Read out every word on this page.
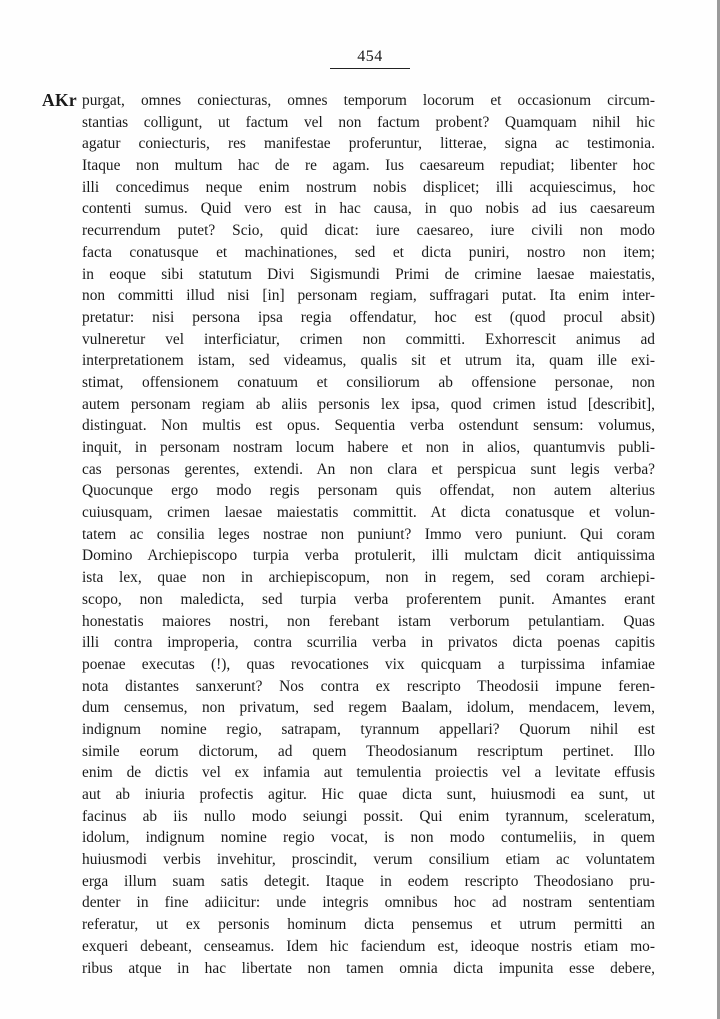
454
AKr purgat, omnes coniecturas, omnes temporum locorum et occasionum circum-
stantias colligunt, ut factum vel non factum probent? Quamquam nihil hic
agatur coniecturis, res manifestae proferuntur, litterae, signa ac testimonia.
Itaque non multum hac de re agam. Ius caesareum repudiat; libenter hoc
illi concedimus neque enim nostrum nobis displicet; illi acquiescimus, hoc
contenti sumus. Quid vero est in hac causa, in quo nobis ad ius caesareum
recurrendum putet? Scio, quid dicat: iure caesareo, iure civili non modo
facta conatusque et machinationes, sed et dicta puniri, nostro non item;
in eoque sibi statutum Divi Sigismundi Primi de crimine laesae maiestatis,
non committi illud nisi [in] personam regiam, suffragari putat. Ita enim inter-
pretatur: nisi persona ipsa regia offendatur, hoc est (quod procul absit)
vulneretur vel interficiatur, crimen non committi. Exhorrescit animus ad
interpretationem istam, sed videamus, qualis sit et utrum ita, quam ille exi-
stimat, offensionem conatuum et consiliorum ab offensione personae, non
autem personam regiam ab aliis personis lex ipsa, quod crimen istud [describit],
distinguat. Non multis est opus. Sequentia verba ostendunt sensum: volumus,
inquit, in personam nostram locum habere et non in alios, quantumvis publi-
cas personas gerentes, extendi. An non clara et perspicua sunt legis verba?
Quocunque ergo modo regis personam quis offendat, non autem alterius
cuiusquam, crimen laesae maiestatis committit. At dicta conatusque et volun-
tatem ac consilia leges nostrae non puniunt? Immo vero puniunt. Qui coram
Domino Archiepiscopo turpia verba protulerit, illi mulctam dicit antiquissima
ista lex, quae non in archiepiscopum, non in regem, sed coram archiepi-
scopo, non maledicta, sed turpia verba proferentem punit. Amantes erant
honestatis maiores nostri, non ferebant istam verborum petulantiam. Quas
illi contra improperia, contra scurrilia verba in privatos dicta poenas capitis
poenae executas (!), quas revocationes vix quicquam a turpissima infamiae
nota distantes sanxerunt? Nos contra ex rescripto Theodosii impune feren-
dum censemus, non privatum, sed regem Baalam, idolum, mendacem, levem,
indignum nomine regio, satrapam, tyrannum appellari? Quorum nihil est
simile eorum dictorum, ad quem Theodosianum rescriptum pertinet. Illo
enim de dictis vel ex infamia aut temulentia proiectis vel a levitate effusis
aut ab iniuria profectis agitur. Hic quae dicta sunt, huiusmodi ea sunt, ut
facinus ab iis nullo modo seiungi possit. Qui enim tyrannum, sceleratum,
idolum, indignum nomine regio vocat, is non modo contumeliis, in quem
huiusmodi verbis invehitur, proscindit, verum consilium etiam ac voluntatem
erga illum suam satis detegit. Itaque in eodem rescripto Theodosiano pru-
denter in fine adiicitur: unde integris omnibus hoc ad nostram sententiam
referatur, ut ex personis hominum dicta pensemus et utrum permitti an
exqueri debeant, censeamus. Idem hic faciendum est, ideoque nostris etiam mo-
ribus atque in hac libertate non tamen omnia dicta impunita esse debere,
